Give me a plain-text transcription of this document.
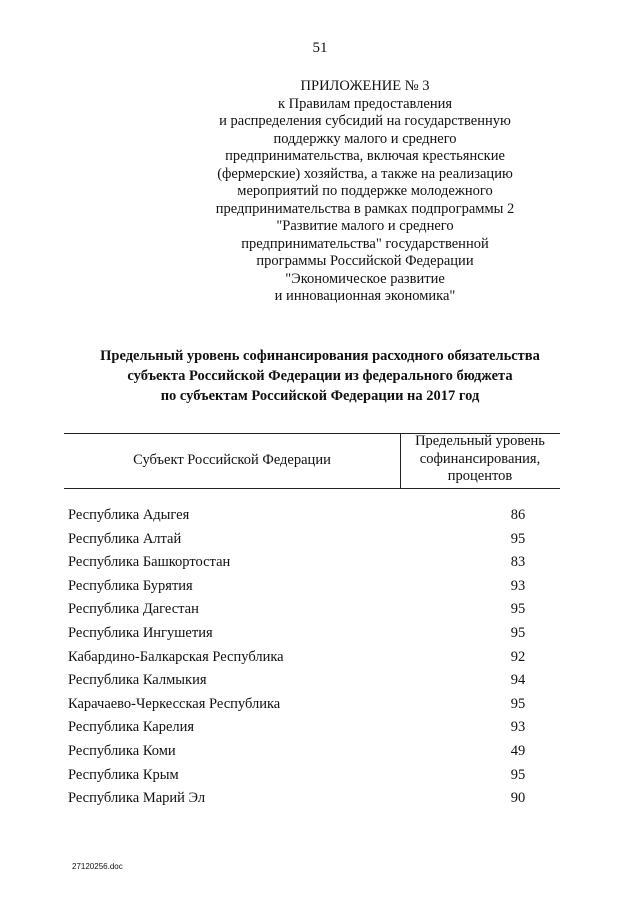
51
ПРИЛОЖЕНИЕ № 3
к Правилам предоставления
и распределения субсидий на государственную
поддержку малого и среднего
предпринимательства, включая крестьянские
(фермерские) хозяйства, а также на реализацию
мероприятий по поддержке молодежного
предпринимательства в рамках подпрограммы 2
"Развитие малого и среднего
предпринимательства" государственной
программы Российской Федерации
"Экономическое развитие
и инновационная экономика"
Предельный уровень софинансирования расходного обязательства
субъекта Российской Федерации из федерального бюджета
по субъектам Российской Федерации на 2017 год
Субъект Российской Федерации
Предельный уровень
софинансирования,
процентов
Республика Адыгея	86
Республика Алтай	95
Республика Башкортостан	83
Республика Бурятия	93
Республика Дагестан	95
Республика Ингушетия	95
Кабардино-Балкарская Республика	92
Республика Калмыкия	94
Карачаево-Черкесская Республика	95
Республика Карелия	93
Республика Коми	49
Республика Крым	95
Республика Марий Эл	90
27120256.doc
